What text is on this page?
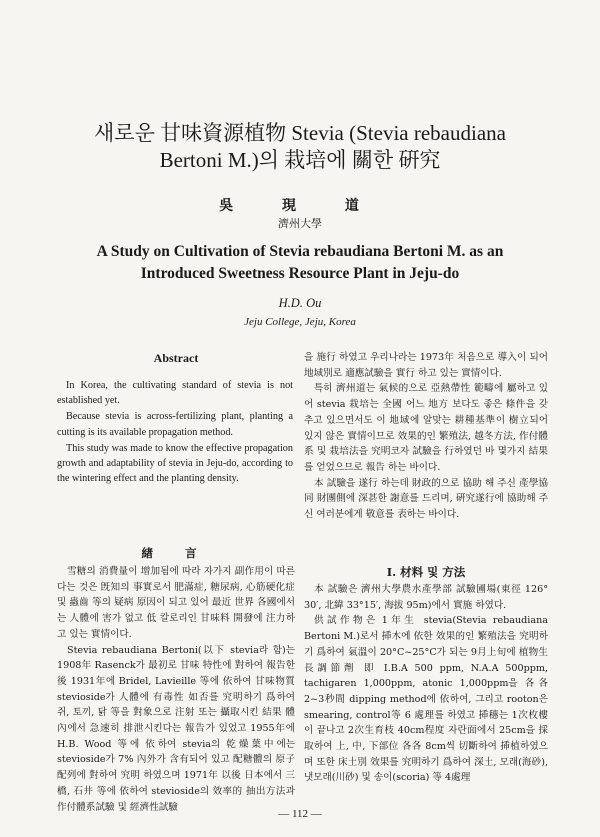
새로운 甘味資源植物 Stevia (Stevia rebaudiana
Bertoni M.)의 栽培에 關한 硏究
吳 現 道
濟州大學
A Study on Cultivation of Stevia rebaudiana Bertoni M. as an
Introduced Sweetness Resource Plant in Jeju-do
H.D. Ou
Jeju College, Jeju, Korea
Abstract

In Korea, the cultivating standard of stevia is not established yet.

Because stevia is across-fertilizing plant, planting a cutting is its available propagation method.

This study was made to know the effective propagation growth and adaptability of stevia in Jeju-do, according to the wintering effect and the planting density.

緖 言

雪糖의 消費量이 增加됨에 따라 자가지 副作用이 따른다는 것은 旣知의 事實로서 肥滿症, 糖尿病, 心筋硬化症 및 蟲齒 等의 疑病 原因이 되고 있어 最近 世界 各國에서는 人體에 害가 없고 低 칼로리인 甘味料 開發에 注力하고 있는 實情이다.

Stevia rebaudiana Bertoni(以下 stevia라 함)는 1908年 Rasenck가 最初로 甘味 特性에 對하여 報告한 後 1931年에 Bridel, Lavieille 等에 依하여 甘味物質 stevioside가 人體에 有毒性 如否를 究明하기 爲하여 쥐, 토끼, 닭 等을 對象으로 注射 또는 攝取시킨 結果 體內에서 急速히 排泄시킨다는 報告가 있었고 1955年에 H.B. Wood 等에 依하여 stevia의 乾燥葉中에는 stevioside가 7% 內外가 含有되어 있고 配糖體의 原子 配列에 對하여 究明 하였으며 1971年 以後 日本에서 三橋, 石井 等에 依하여 stevioside의 效率的 抽出方法과 作付體系試驗 및 經濟性試驗

을 施行 하였고 우리나라는 1973年 처음으로 導入이 되어 地域別로 適應試驗을 實行 하고 있는 實情이다.

특히 濟州道는 氣候的으로 亞熱帶性 範疇에 屬하고 있어 stevia 栽培는 全國 어느 地方 보다도 좋은 條件을 갖추고 있으면서도 이 地域에 알맞는 耕種基準이 樹立되어 있지 않은 實情이므로 效果的인 繁殖法, 越冬方法, 作付體系 및 栽培法을 究明코자 試驗을 行하였던 바 몇가지 結果를 얻었으므로 報告 하는 바이다.

本 試驗을 遂行 하는데 財政的으로 協助 해 주신 產學協同 財團側에 深甚한 謝意를 드리며, 硏究遂行에 協助해 주신 여러분에게 敬意를 表하는 바이다.

Ⅰ. 材料 및 方法

本 試驗은 濟州大學農水產學部 試驗圃場(東徑 126° 30′, 北緯 33°15′, 海拔 95m)에서 實施 하였다.

供試作物은 1年生 stevia(Stevia rebaudiana Bertoni M.)로서 揷木에 依한 效果的인 繁殖法을 究明하기 爲하여 氣溫이 20°C~25°C가 되는 9月上旬에 植物生長調節劑 即 I.B.A 500 ppm, N.A.A 500ppm, tachigaren 1,000ppm, atonic 1,000ppm을 各各 2~3秒間 dipping method에 依하여, 그리고 rooton은 smearing, control等 6 處理를 하였고 揷穗는 1次枚樓이 끝나고 2次生育枝 40cm程度 자란面에서 25cm을 採取하여 上, 中, 下部位 各各 8cm씩 切斷하여 揷植하였으며 또한 床土別 效果를 究明하기 爲하여 深土, 모래(海砂), 냇모래(川砂) 및 송이(scoria) 等 4處理

— 112 —
